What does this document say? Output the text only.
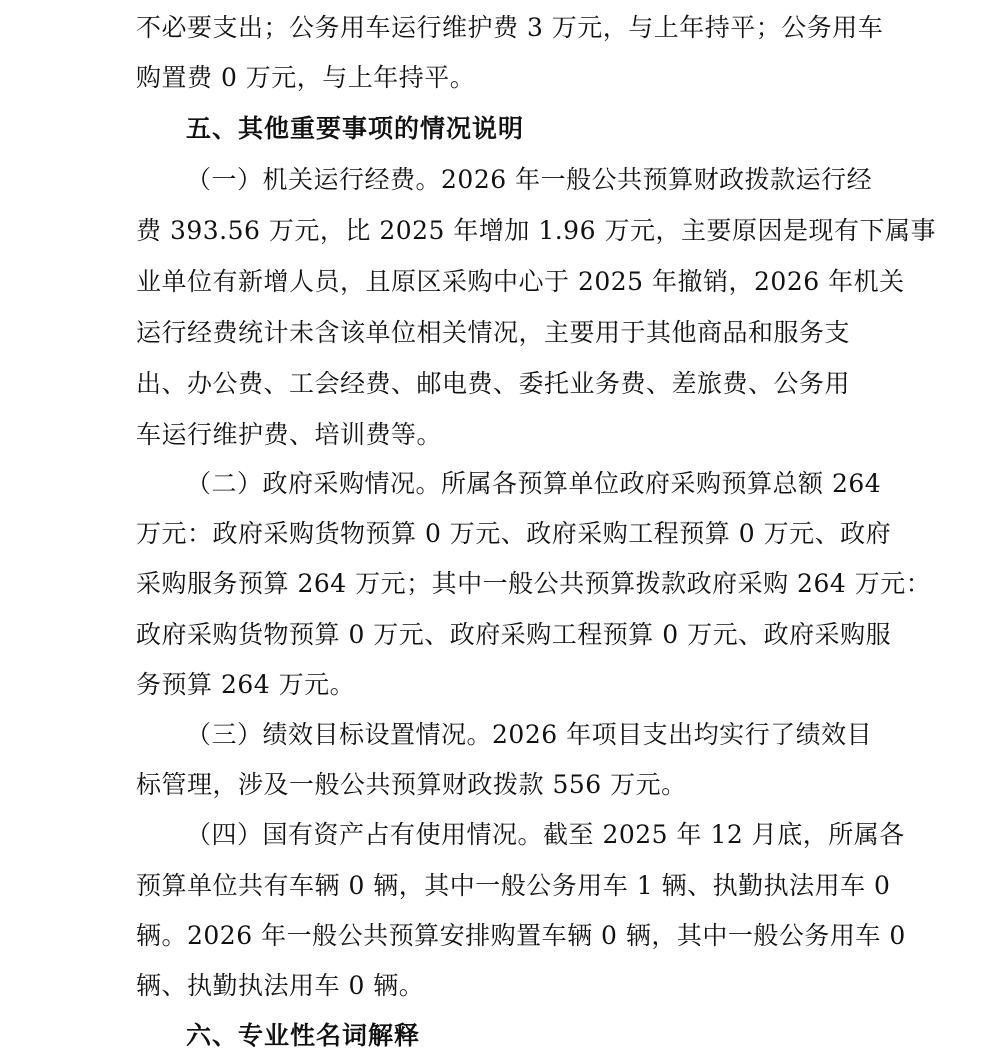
不必要支出；公务用车运行维护费 3 万元，与上年持平；公务用车
购置费 0 万元，与上年持平。
五、其他重要事项的情况说明
（一）机关运行经费。2026 年一般公共预算财政拨款运行经
费 393.56 万元，比 2025 年增加 1.96 万元，主要原因是现有下属事
业单位有新增人员，且原区采购中心于 2025 年撤销，2026 年机关
运行经费统计未含该单位相关情况，主要用于其他商品和服务支
出、办公费、工会经费、邮电费、委托业务费、差旅费、公务用
车运行维护费、培训费等。
（二）政府采购情况。所属各预算单位政府采购预算总额 264
万元：政府采购货物预算 0 万元、政府采购工程预算 0 万元、政府
采购服务预算 264 万元；其中一般公共预算拨款政府采购 264 万元：
政府采购货物预算 0 万元、政府采购工程预算 0 万元、政府采购服
务预算 264 万元。
（三）绩效目标设置情况。2026 年项目支出均实行了绩效目
标管理，涉及一般公共预算财政拨款 556 万元。
（四）国有资产占有使用情况。截至 2025 年 12 月底，所属各
预算单位共有车辆 0 辆，其中一般公务用车 1 辆、执勤执法用车 0
辆。2026 年一般公共预算安排购置车辆 0 辆，其中一般公务用车 0
辆、执勤执法用车 0 辆。
六、专业性名词解释
